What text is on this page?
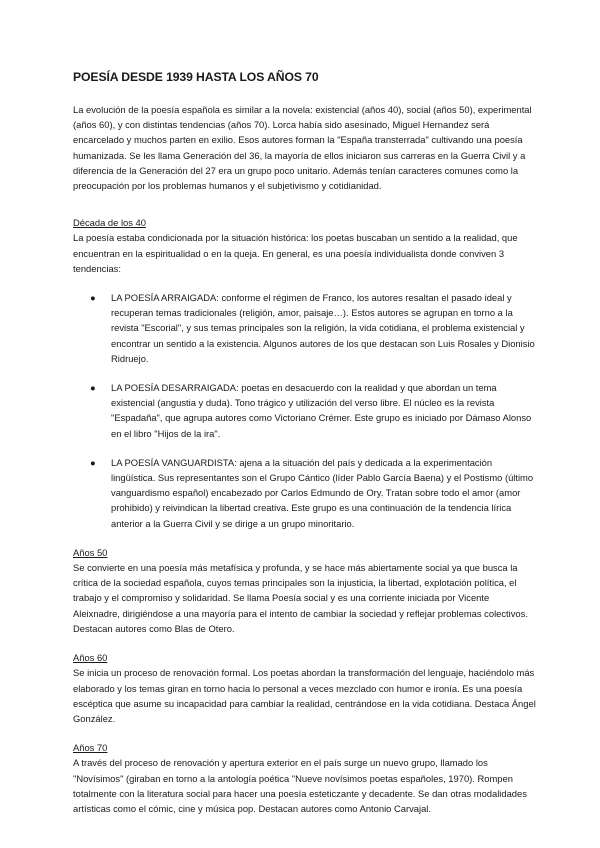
POESÍA DESDE 1939 HASTA LOS AÑOS 70

La evolución de la poesía española es similar a la novela: existencial (años 40), social (años 50), experimental (años 60), y con distintas tendencias (años 70). Lorca había sido asesinado, Miguel Hernandez será encarcelado y muchos parten en exilio. Esos autores forman la "España transterrada" cultivando una poesía humanizada. Se les llama Generación del 36, la mayoría de ellos iniciaron sus carreras en la Guerra Civil y a diferencia de la Generación del 27 era un grupo poco unitario. Además tenían caracteres comunes como la preocupación por los problemas humanos y el subjetivismo y cotidianidad.

Década de los 40

La poesía estaba condicionada por la situación histórica: los poetas buscaban un sentido a la realidad, que encuentran en la espiritualidad o en la queja. En general, es una poesía individualista donde conviven 3 tendencias:

● LA POESÍA ARRAIGADA: conforme el régimen de Franco, los autores resaltan el pasado ideal y recuperan temas tradicionales (religión, amor, paisaje…). Estos autores se agrupan en torno a la revista "Escorial", y sus temas principales son la religión, la vida cotidiana, el problema existencial y encontrar un sentido a la existencia. Algunos autores de los que destacan son Luis Rosales y Dionisio Ridruejo.

● LA POESÍA DESARRAIGADA: poetas en desacuerdo con la realidad y que abordan un tema existencial (angustia y duda). Tono trágico y utilización del verso libre. El núcleo es la revista "Espadaña", que agrupa autores como Victoriano Crémer. Este grupo es iniciado por Dámaso Alonso en el libro "Hijos de la ira".

● LA POESÍA VANGUARDISTA: ajena a la situación del país y dedicada a la experimentación lingüística. Sus representantes son el Grupo Cántico (líder Pablo García Baena) y el Postismo (último vanguardismo español) encabezado por Carlos Edmundo de Ory. Tratan sobre todo el amor (amor prohibido) y reivindican la libertad creativa. Este grupo es una continuación de la tendencia lírica anterior a la Guerra Civil y se dirige a un grupo minoritario.

Años 50

Se convierte en una poesía más metafísica y profunda, y se hace más abiertamente social ya que busca la crítica de la sociedad española, cuyos temas principales son la injusticia, la libertad, explotación política, el trabajo y el compromiso y solidaridad. Se llama Poesía social y es una corriente iniciada por Vicente Aleixnadre, dirigiéndose a una mayoría para el intento de cambiar la sociedad y reflejar problemas colectivos. Destacan autores como Blas de Otero.

Años 60

Se inicia un proceso de renovación formal. Los poetas abordan la transformación del lenguaje, haciéndolo más elaborado y los temas giran en torno hacia lo personal a veces mezclado con humor e ironía. Es una poesía escéptica que asume su incapacidad para cambiar la realidad, centrándose en la vida cotidiana. Destaca Ángel González.

Años 70

A través del proceso de renovación y apertura exterior en el país surge un nuevo grupo, llamado los "Novísimos" (giraban en torno a la antología poética "Nueve novísimos poetas españoles, 1970). Rompen totalmente con la literatura social para hacer una poesía esteticzante y decadente. Se dan otras modalidades artísticas como el cómic, cine y música pop. Destacan autores como Antonio Carvajal.
